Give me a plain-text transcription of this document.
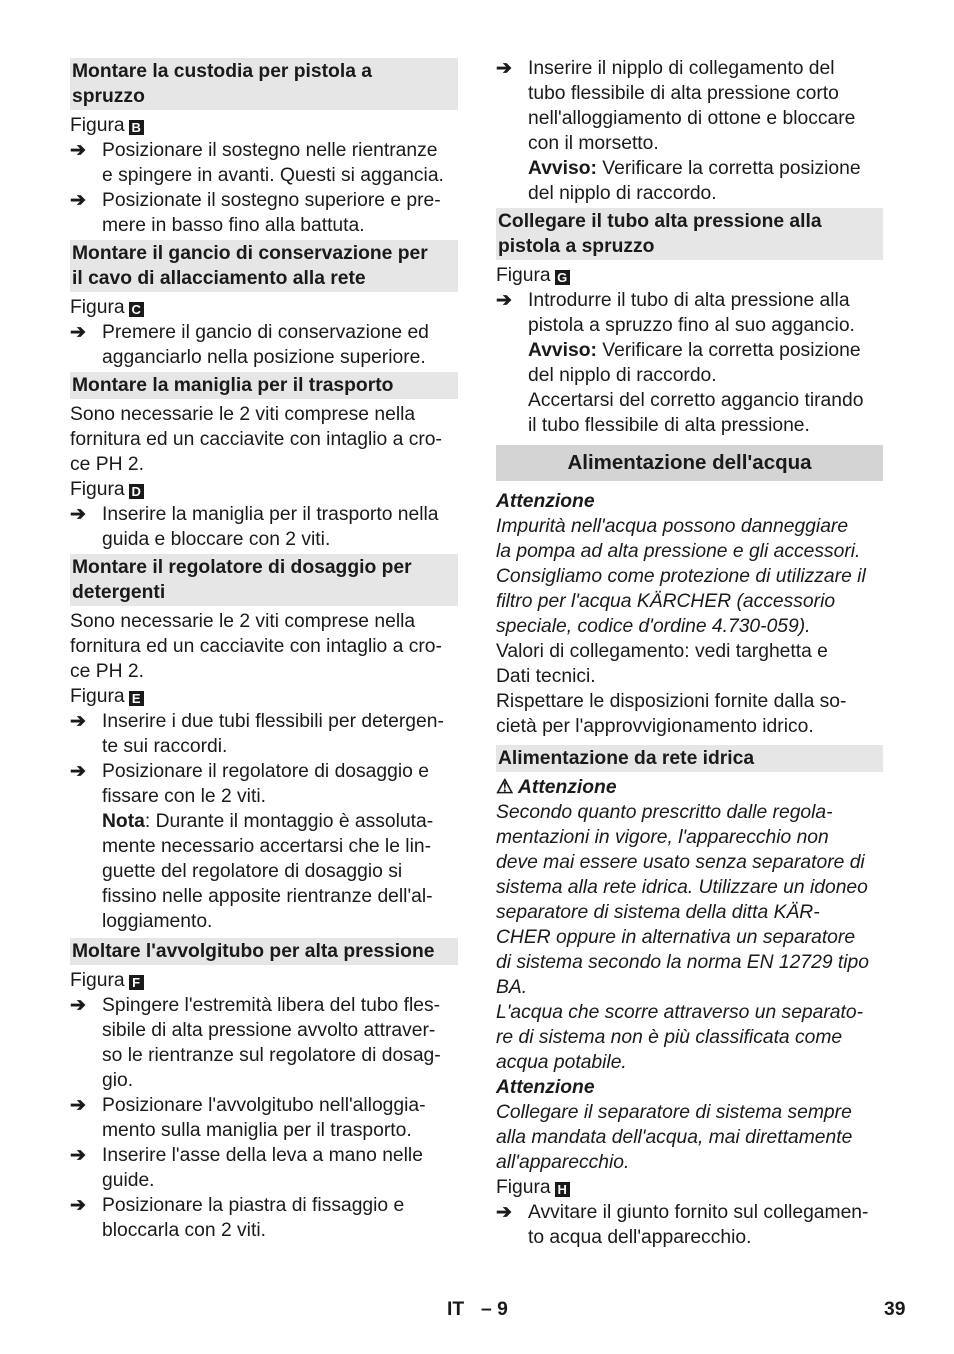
Montare la custodia per pistola a
spruzzo

Figura B

➔ Posizionare il sostegno nelle rientranze
e spingere in avanti. Questi si aggancia.
➔ Posizionate il sostegno superiore e pre-
mere in basso fino alla battuta.
Montare il gancio di conservazione per
il cavo di allacciamento alla rete

Figura C

➔ Premere il gancio di conservazione ed
agganciarlo nella posizione superiore.
Montare la maniglia per il trasporto

Sono necessarie le 2 viti comprese nella
fornitura ed un cacciavite con intaglio a cro-
ce PH 2.

Figura D

➔ Inserire la maniglia per il trasporto nella
guida e bloccare con 2 viti.
Montare il regolatore di dosaggio per
detergenti

Sono necessarie le 2 viti comprese nella
fornitura ed un cacciavite con intaglio a cro-
ce PH 2.

Figura E

➔ Inserire i due tubi flessibili per detergen-
te sui raccordi.
➔ Posizionare il regolatore di dosaggio e
fissare con le 2 viti.
Nota: Durante il montaggio è assoluta-
mente necessario accertarsi che le lin-
guette del regolatore di dosaggio si
fissino nelle apposite rientranze dell'al-
loggiamento.
Moltare l'avvolgitubo per alta pressione

Figura F

➔ Spingere l'estremità libera del tubo fles-
sibile di alta pressione avvolto attraver-
so le rientranze sul regolatore di dosag-
gio.
➔ Posizionare l'avvolgitubo nell'alloggia-
mento sulla maniglia per il trasporto.
➔ Inserire l'asse della leva a mano nelle
guide.
➔ Posizionare la piastra di fissaggio e
bloccarla con 2 viti.
➔ Inserire il nipplo di collegamento del
tubo flessibile di alta pressione corto
nell'alloggiamento di ottone e bloccare
con il morsetto.
Avviso: Verificare la corretta posizione
del nipplo di raccordo.
Collegare il tubo alta pressione alla
pistola a spruzzo

Figura G

➔ Introdurre il tubo di alta pressione alla
pistola a spruzzo fino al suo aggancio.
Avviso: Verificare la corretta posizione
del nipplo di raccordo.
Accertarsi del corretto aggancio tirando
il tubo flessibile di alta pressione.
Alimentazione dell'acqua

Attenzione

Impurità nell'acqua possono danneggiare
la pompa ad alta pressione e gli accessori.
Consigliamo come protezione di utilizzare il
filtro per l'acqua KÄRCHER (accessorio
speciale, codice d'ordine 4.730-059).

Valori di collegamento: vedi targhetta e
Dati tecnici.

Rispettare le disposizioni fornite dalla so-
cietà per l'approvvigionamento idrico.

Alimentazione da rete idrica

⚠ Attenzione

Secondo quanto prescritto dalle regola-
mentazioni in vigore, l'apparecchio non
deve mai essere usato senza separatore di
sistema alla rete idrica. Utilizzare un idoneo
separatore di sistema della ditta KÄR-
CHER oppure in alternativa un separatore
di sistema secondo la norma EN 12729 tipo
BA.
L'acqua che scorre attraverso un separato-
re di sistema non è più classificata come
acqua potabile.

Attenzione

Collegare il separatore di sistema sempre
alla mandata dell'acqua, mai direttamente
all'apparecchio.

Figura H

➔ Avvitare il giunto fornito sul collegamen-
to acqua dell'apparecchio.
IT – 9	39
